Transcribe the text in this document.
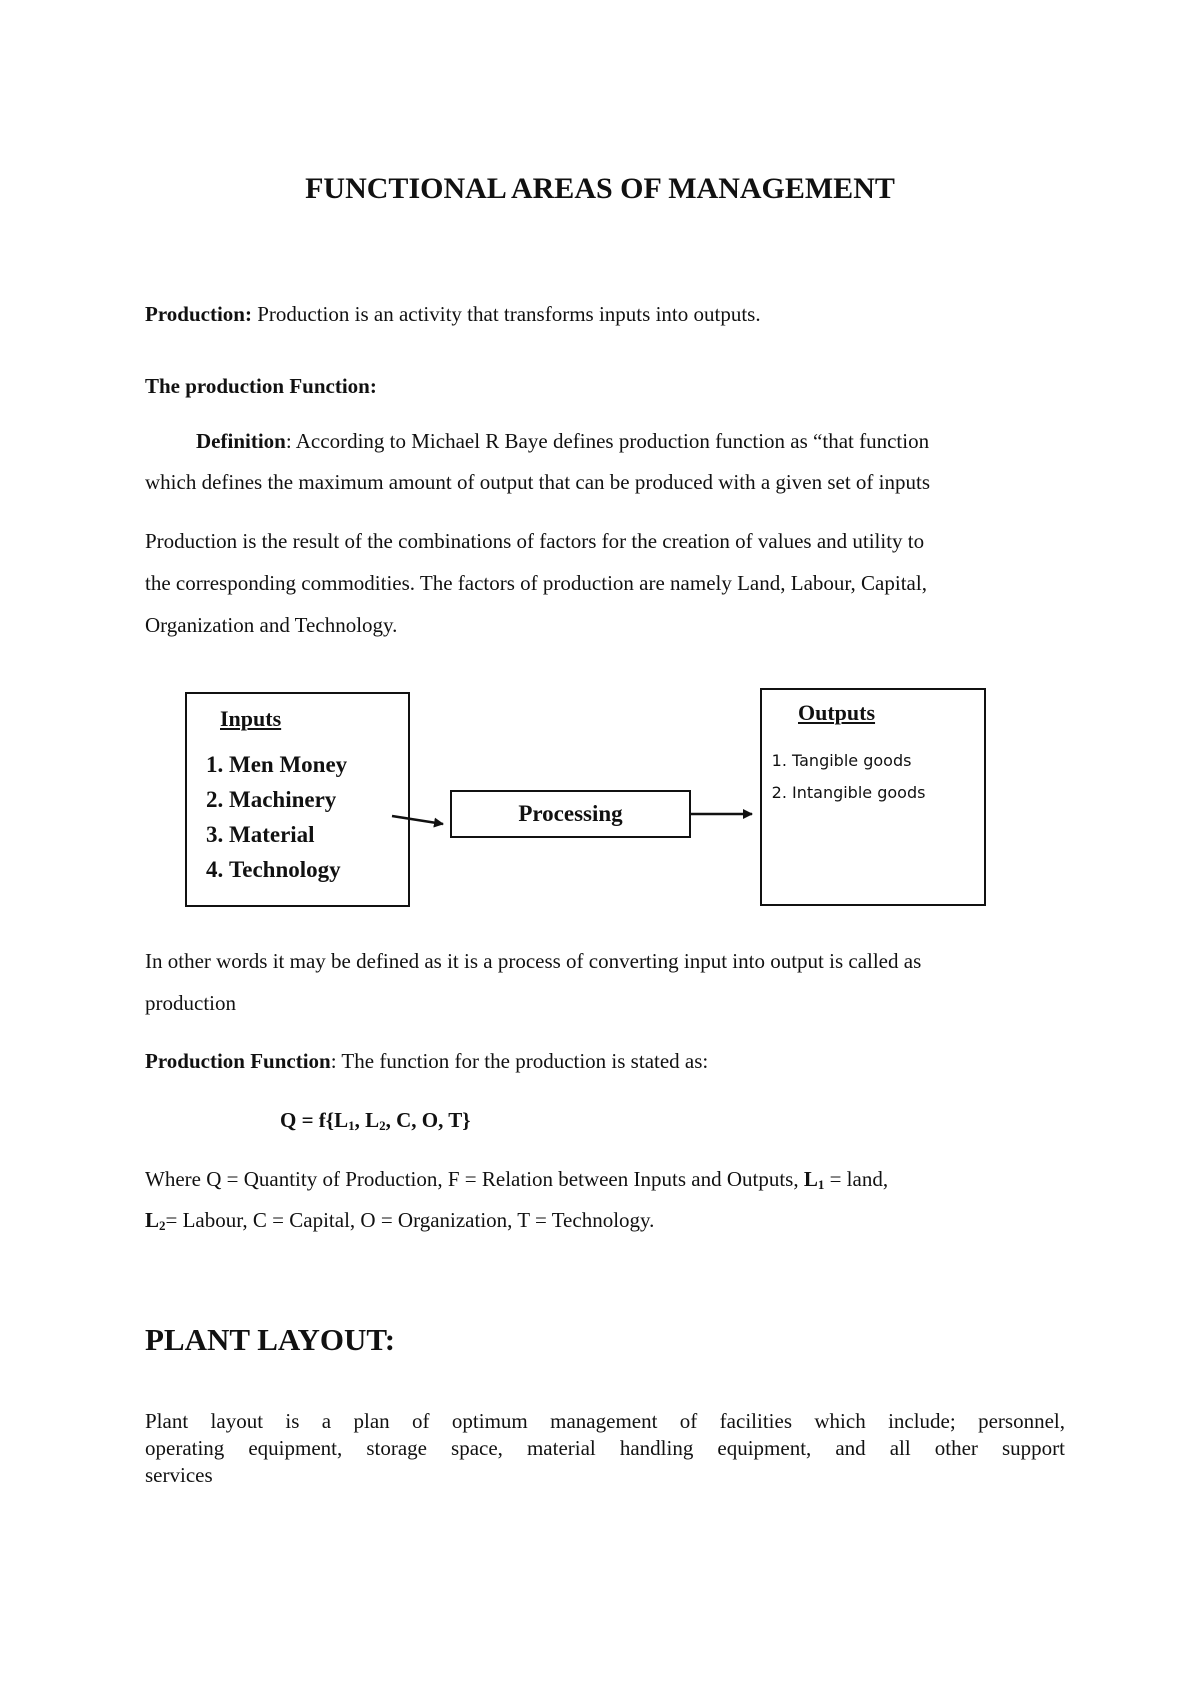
FUNCTIONAL AREAS OF MANAGEMENT
Production: Production is an activity that transforms inputs into outputs.
The production Function:
Definition: According to Michael R Baye defines production function as “that function
which defines the maximum amount of output that can be produced with a given set of inputs
Production is the result of the combinations of factors for the creation of values and utility to
the corresponding commodities. The factors of production are namely Land, Labour, Capital,
Organization and Technology.
Inputs
1. Men Money
2. Machinery
3. Material
4. Technology
Processing
Outputs
1. Tangible goods
2. Intangible goods
In other words it may be defined as it is a process of converting input into output is called as
production
Production Function: The function for the production is stated as:
$Q = f\{L_1$, $L_2$, C, O, T}
Where Q = Quantity of Production, F = Relation between Inputs and Outputs, $L_1$ = land,
$L_2=$ Labour, C = Capital, O = Organization, T = Technology.
PLANT LAYOUT:
Plant layout is a plan of optimum management of facilities which include; personnel,
operating equipment, storage space, material handling equipment, and all other support
services
